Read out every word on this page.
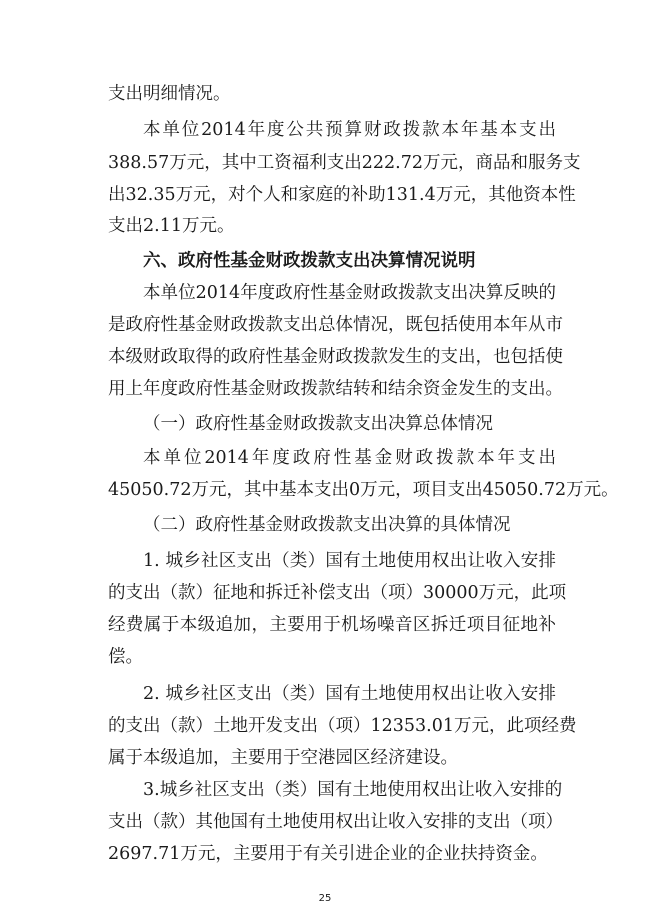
支出明细情况。
本单位2014年度公共预算财政拨款本年基本支出
388.57万元，其中工资福利支出222.72万元，商品和服务支
出32.35万元，对个人和家庭的补助131.4万元，其他资本性
支出2.11万元。
六、政府性基金财政拨款支出决算情况说明
本单位2014年度政府性基金财政拨款支出决算反映的
是政府性基金财政拨款支出总体情况，既包括使用本年从市
本级财政取得的政府性基金财政拨款发生的支出，也包括使
用上年度政府性基金财政拨款结转和结余资金发生的支出。
（一）政府性基金财政拨款支出决算总体情况
本单位2014年度政府性基金财政拨款本年支出
45050.72万元，其中基本支出0万元，项目支出45050.72万元。
（二）政府性基金财政拨款支出决算的具体情况
1. 城乡社区支出（类）国有土地使用权出让收入安排
的支出（款）征地和拆迁补偿支出（项）30000万元，此项
经费属于本级追加，主要用于机场噪音区拆迁项目征地补
偿。
2. 城乡社区支出（类）国有土地使用权出让收入安排
的支出（款）土地开发支出（项）12353.01万元，此项经费
属于本级追加，主要用于空港园区经济建设。
3.城乡社区支出（类）国有土地使用权出让收入安排的
支出（款）其他国有土地使用权出让收入安排的支出（项）
2697.71万元，主要用于有关引进企业的企业扶持资金。
25
